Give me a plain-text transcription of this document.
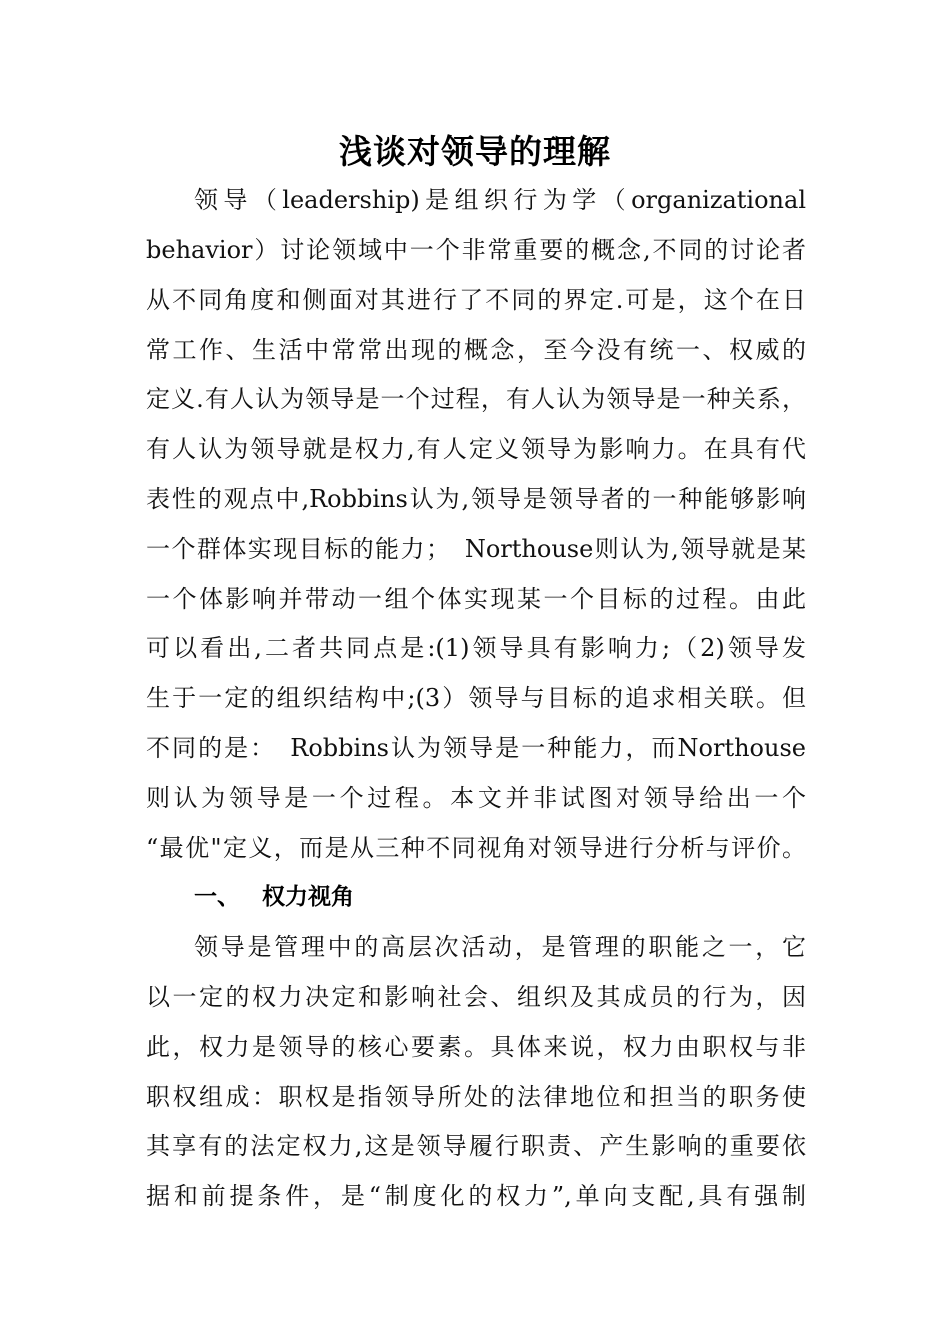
浅谈对领导的理解

领导（leadership)是组织行为学（organizational

behavior）讨论领域中一个非常重要的概念,不同的讨论者

从不同角度和侧面对其进行了不同的界定.可是，这个在日

常工作、生活中常常出现的概念，至今没有统一、权威的

定义.有人认为领导是一个过程，有人认为领导是一种关系，

有人认为领导就是权力,有人定义领导为影响力。在具有代

表性的观点中,Robbins认为,领导是领导者的一种能够影响

一个群体实现目标的能力；　Northouse则认为,领导就是某

一个体影响并带动一组个体实现某一个目标的过程。由此

可以看出,二者共同点是:(1)领导具有影响力;（2)领导发

生于一定的组织结构中;(3）领导与目标的追求相关联。但

不同的是：　Robbins认为领导是一种能力，而Northouse

则认为领导是一个过程。本文并非试图对领导给出一个

“最优"定义，而是从三种不同视角对领导进行分析与评价。

一、 权力视角

领导是管理中的高层次活动，是管理的职能之一，它

以一定的权力决定和影响社会、组织及其成员的行为，因

此，权力是领导的核心要素。具体来说，权力由职权与非

职权组成：职权是指领导所处的法律地位和担当的职务使

其享有的法定权力,这是领导履行职责、产生影响的重要依

据和前提条件，是“制度化的权力”,单向支配,具有强制
